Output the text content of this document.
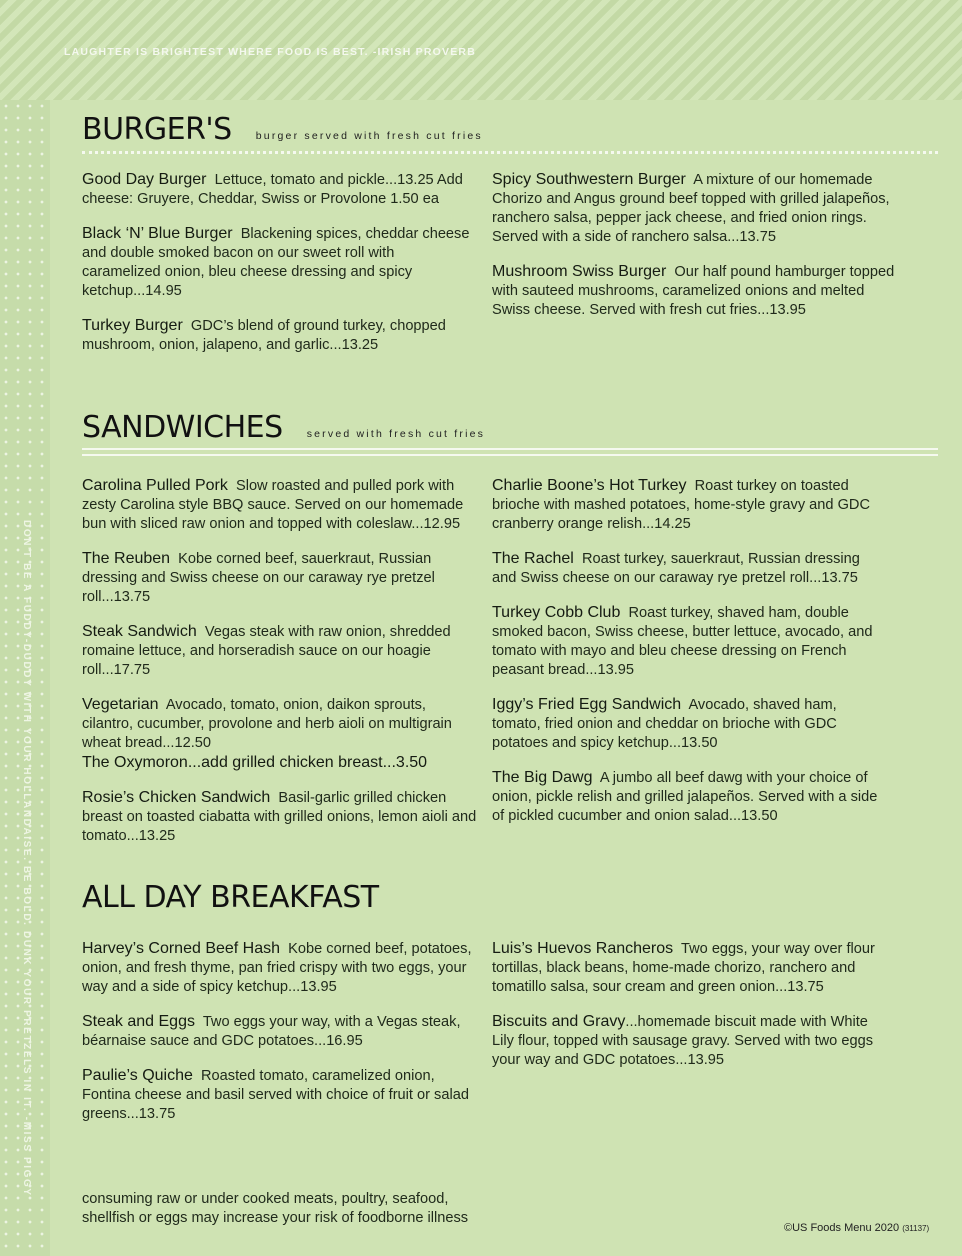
LAUGHTER IS BRIGHTEST WHERE FOOD IS BEST. -IRISH PROVERB
DON'T BE A FUDDY-DUDDY WITH YOUR HOLLANDAISE. BE BOLD. DUNK YOUR PRETZELS IN IT. -MISS PIGGY
BURGER'S burger served with fresh cut fries
Good Day Burger Lettuce, tomato and pickle...13.25 Add cheese: Gruyere, Cheddar, Swiss or Provolone 1.50 ea
Black ‘N’ Blue Burger Blackening spices, cheddar cheese and double smoked bacon on our sweet roll with caramelized onion, bleu cheese dressing and spicy ketchup...14.95
Turkey Burger GDC’s blend of ground turkey, chopped mushroom, onion, jalapeno, and garlic...13.25
Spicy Southwestern Burger A mixture of our homemade Chorizo and Angus ground beef topped with grilled jalapeños, ranchero salsa, pepper jack cheese, and fried onion rings. Served with a side of ranchero salsa...13.75
Mushroom Swiss Burger Our half pound hamburger topped with sauteed mushrooms, caramelized onions and melted Swiss cheese. Served with fresh cut fries...13.95
SANDWICHES served with fresh cut fries
Carolina Pulled Pork Slow roasted and pulled pork with zesty Carolina style BBQ sauce. Served on our homemade bun with sliced raw onion and topped with coleslaw...12.95
The Reuben Kobe corned beef, sauerkraut, Russian dressing and Swiss cheese on our caraway rye pretzel roll...13.75
Steak Sandwich Vegas steak with raw onion, shredded romaine lettuce, and horseradish sauce on our hoagie roll...17.75
Vegetarian Avocado, tomato, onion, daikon sprouts, cilantro, cucumber, provolone and herb aioli on multigrain wheat bread...12.50
The Oxymoron...add grilled chicken breast...3.50
Rosie’s Chicken Sandwich Basil-garlic grilled chicken breast on toasted ciabatta with grilled onions, lemon aioli and tomato...13.25
Charlie Boone’s Hot Turkey Roast turkey on toasted brioche with mashed potatoes, home-style gravy and GDC cranberry orange relish...14.25
The Rachel Roast turkey, sauerkraut, Russian dressing and Swiss cheese on our caraway rye pretzel roll...13.75
Turkey Cobb Club Roast turkey, shaved ham, double smoked bacon, Swiss cheese, butter lettuce, avocado, and tomato with mayo and bleu cheese dressing on French peasant bread...13.95
Iggy’s Fried Egg Sandwich Avocado, shaved ham, tomato, fried onion and cheddar on brioche with GDC potatoes and spicy ketchup...13.50
The Big Dawg A jumbo all beef dawg with your choice of onion, pickle relish and grilled jalapeños. Served with a side of pickled cucumber and onion salad...13.50
ALL DAY BREAKFAST
Harvey’s Corned Beef Hash Kobe corned beef, potatoes, onion, and fresh thyme, pan fried crispy with two eggs, your way and a side of spicy ketchup...13.95
Steak and Eggs Two eggs your way, with a Vegas steak, béarnaise sauce and GDC potatoes...16.95
Paulie’s Quiche Roasted tomato, caramelized onion, Fontina cheese and basil served with choice of fruit or salad greens...13.75
Luis’s Huevos Rancheros Two eggs, your way over flour tortillas, black beans, home-made chorizo, ranchero and tomatillo salsa, sour cream and green onion...13.75
Biscuits and Gravy...homemade biscuit made with White Lily flour, topped with sausage gravy. Served with two eggs your way and GDC potatoes...13.95
consuming raw or under cooked meats, poultry, seafood, shellfish or eggs may increase your risk of foodborne illness
©US Foods Menu 2020 (31137)
